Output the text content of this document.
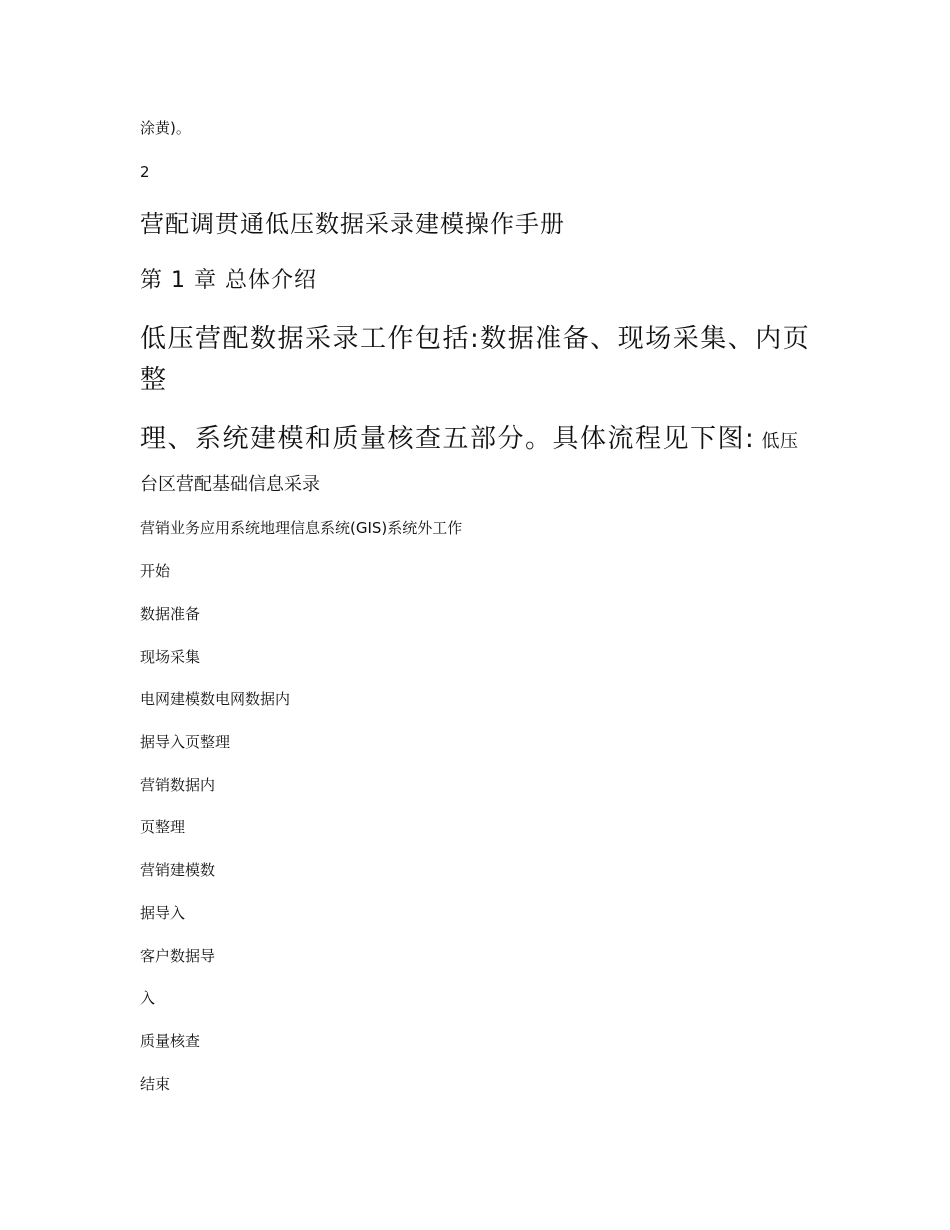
涂黄)。

2

营配调贯通低压数据采录建模操作手册
第 1 章 总体介绍

低压营配数据采录工作包括:数据准备、现场采集、内页

整

理、系统建模和质量核查五部分。具体流程见下图: 低压

台区营配基础信息采录

营销业务应用系统地理信息系统(GIS)系统外工作

开始

数据准备

现场采集

电网建模数电网数据内

据导入页整理

营销数据内

页整理

营销建模数

据导入

客户数据导

入

质量核查

结束
